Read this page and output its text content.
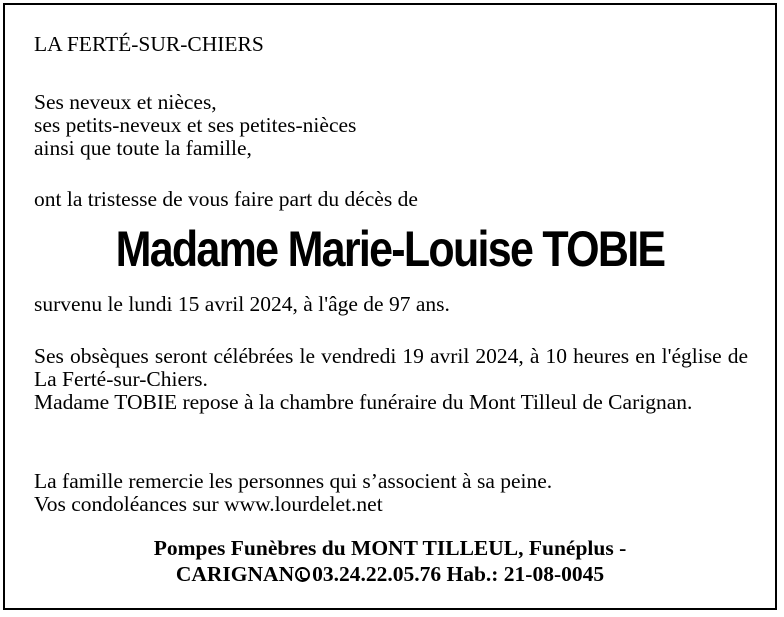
LA FERTÉ-SUR-CHIERS
Ses neveux et nièces,
ses petits-neveux et ses petites-nièces
ainsi que toute la famille,
ont la tristesse de vous faire part du décès de
Madame Marie-Louise TOBIE
survenu le lundi 15 avril 2024, à l'âge de 97 ans.
Ses obsèques seront célébrées le vendredi 19 avril 2024, à 10 heures en l'église de La Ferté-sur-Chiers.
Madame TOBIE repose à la chambre funéraire du Mont Tilleul de Carignan.
La famille remercie les personnes qui s’associent à sa peine.
Vos condoléances sur www.lourdelet.net
Pompes Funèbres du MONT TILLEUL, Funéplus -
CARIGNAN 03.24.22.05.76 Hab.: 21-08-0045
